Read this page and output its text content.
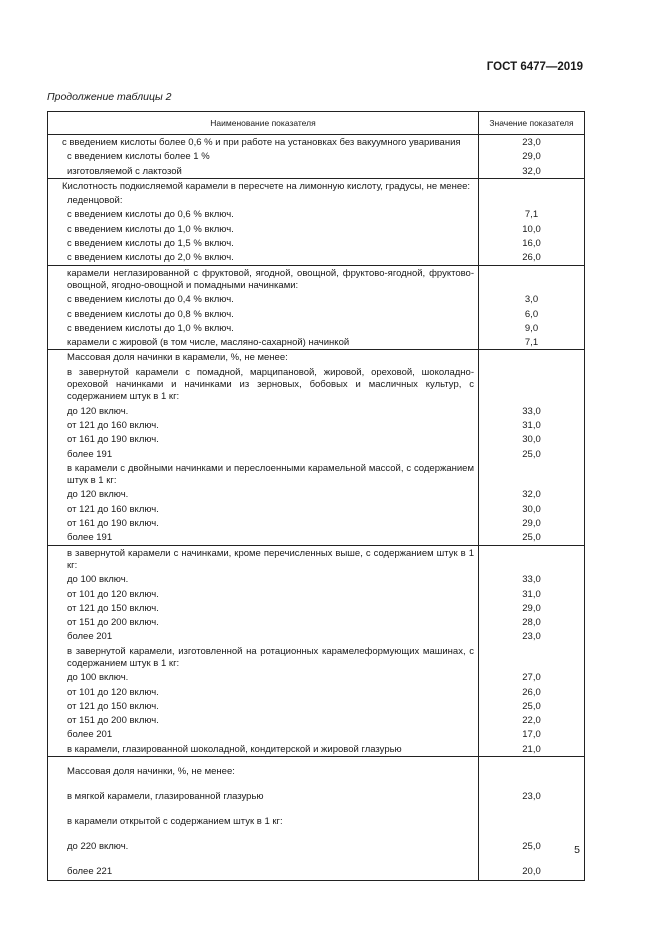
ГОСТ 6477—2019
Продолжение таблицы 2
Наименование показателя	Значение показателя

с введением кислоты более 0,6 % и при работе на установках без вакуумного уваривания	23,0

с введением кислоты более 1 %	29,0

изготовляемой с лактозой	32,0

Кислотность подкисляемой карамели в пересчете на лимонную кислоту, градусы, не менее:	

леденцовой:	

с введением кислоты до 0,6 % включ.	7,1

с введением кислоты до 1,0 % включ.	10,0

с введением кислоты до 1,5 % включ.	16,0

с введением кислоты до 2,0 % включ.	26,0

карамели неглазированной с фруктовой, ягодной, овощной, фруктово-ягодной, фруктово-овощной, ягодно-овощной и помадными начинками:	

с введением кислоты до 0,4 % включ.	3,0

с введением кислоты до 0,8 % включ.	6,0

с введением кислоты до 1,0 % включ.	9,0

карамели с жировой (в том числе, масляно-сахарной) начинкой	7,1

Массовая доля начинки в карамели, %, не менее:	

в завернутой карамели с помадной, марципановой, жировой, ореховой, шоколадно-ореховой начинками и начинками из зерновых, бобовых и масличных культур, с содержанием штук в 1 кг:	

до 120 включ.	33,0

от 121 до 160 включ.	31,0

от 161 до 190 включ.	30,0

более 191	25,0

в карамели с двойными начинками и переслоенными карамельной массой, с содержанием штук в 1 кг:	

до 120 включ.	32,0

от 121 до 160 включ.	30,0

от 161 до 190 включ.	29,0

более 191	25,0

в завернутой карамели с начинками, кроме перечисленных выше, с содержанием штук в 1 кг:	

до 100 включ.	33,0

от 101 до 120 включ.	31,0

от 121 до 150 включ.	29,0

от 151 до 200 включ.	28,0

более 201	23,0

в завернутой карамели, изготовленной на ротационных карамелеформующих машинах, с содержанием штук в 1 кг:	

до 100 включ.	27,0

от 101 до 120 включ.	26,0

от 121 до 150 включ.	25,0

от 151 до 200 включ.	22,0

более 201	17,0

в карамели, глазированной шоколадной, кондитерской и жировой глазурью	21,0

Массовая доля начинки, %, не менее:	

в мягкой карамели, глазированной глазурью	23,0

в карамели открытой с содержанием штук в 1 кг:	

до 220 включ.	25,0

более 221	20,0
5
